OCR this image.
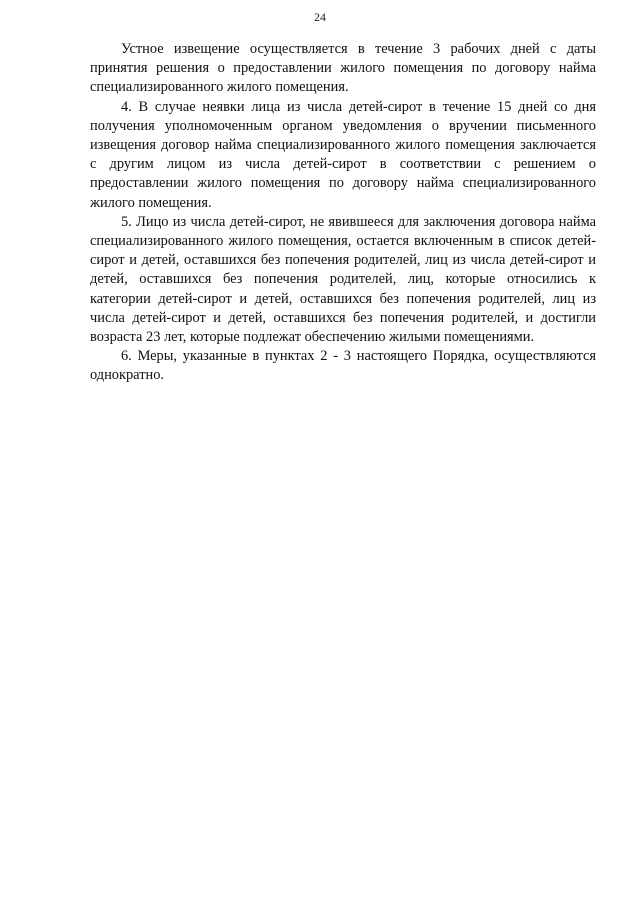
24

Устное извещение осуществляется в течение 3 рабочих дней с даты принятия решения о предоставлении жилого помещения по договору найма специализированного жилого помещения.

4. В случае неявки лица из числа детей-сирот в течение 15 дней со дня получения уполномоченным органом уведомления о вручении письменного извещения договор найма специализированного жилого помещения заключается с другим лицом из числа детей-сирот в соответствии с решением о предоставлении жилого помещения по договору найма специализированного жилого помещения.

5. Лицо из числа детей-сирот, не явившееся для заключения договора найма специализированного жилого помещения, остается включенным в список детей-сирот и детей, оставшихся без попечения родителей, лиц из числа детей-сирот и детей, оставшихся без попечения родителей, лиц, которые относились к категории детей-сирот и детей, оставшихся без попечения родителей, лиц из числа детей-сирот и детей, оставшихся без попечения родителей, и достигли возраста 23 лет, которые подлежат обеспечению жилыми помещениями.

6. Меры, указанные в пунктах 2 - 3 настоящего Порядка, осуществляются однократно.
